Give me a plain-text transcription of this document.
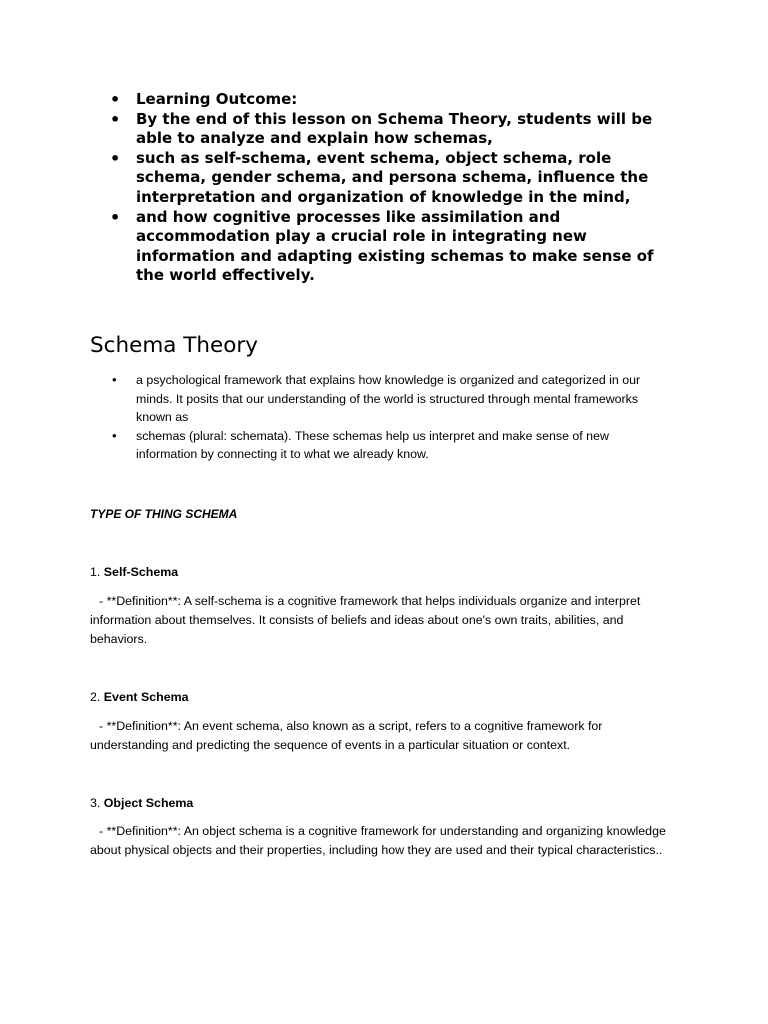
• Learning Outcome:
• By the end of this lesson on Schema Theory, students will be able to analyze and explain how schemas,
• such as self-schema, event schema, object schema, role schema, gender schema, and persona schema, influence the interpretation and organization of knowledge in the mind,
• and how cognitive processes like assimilation and accommodation play a crucial role in integrating new information and adapting existing schemas to make sense of the world effectively.
Schema Theory
• a psychological framework that explains how knowledge is organized and categorized in our minds. It posits that our understanding of the world is structured through mental frameworks known as
• schemas (plural: schemata). These schemas help us interpret and make sense of new information by connecting it to what we already know.

TYPE OF THING SCHEMA

1. Self-Schema

- **Definition**: A self-schema is a cognitive framework that helps individuals organize and interpret information about themselves. It consists of beliefs and ideas about one's own traits, abilities, and behaviors.

2. Event Schema

- **Definition**: An event schema, also known as a script, refers to a cognitive framework for understanding and predicting the sequence of events in a particular situation or context.

3. Object Schema

- **Definition**: An object schema is a cognitive framework for understanding and organizing knowledge about physical objects and their properties, including how they are used and their typical characteristics..
